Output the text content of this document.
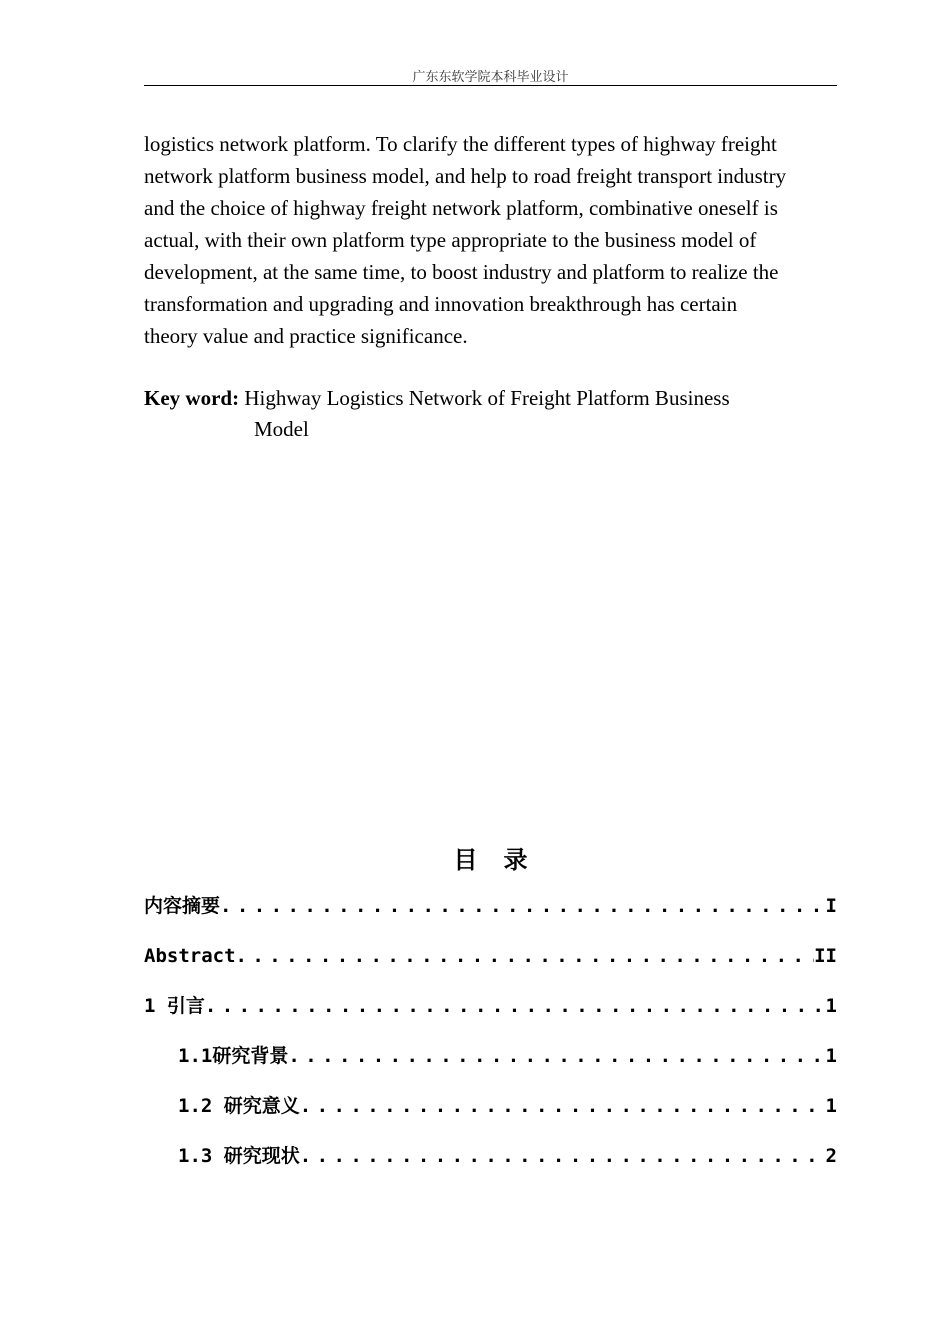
广东东软学院本科毕业设计
logistics network platform. To clarify the different types of highway freight
network platform business model, and help to road freight transport industry
and the choice of highway freight network platform, combinative oneself is
actual, with their own platform type appropriate to the business model of
development, at the same time, to boost industry and platform to realize the
transformation and upgrading and innovation breakthrough has certain
theory value and practice significance.
Key word: Highway Logistics Network of Freight Platform Business
Model
目录
内容摘要 . . .	I
Abstract . . .	II
1 引言 . . .	1
1.1研究背景 . . .	1
1.2 研究意义 . . .	1
1.3 研究现状 . . .	2
